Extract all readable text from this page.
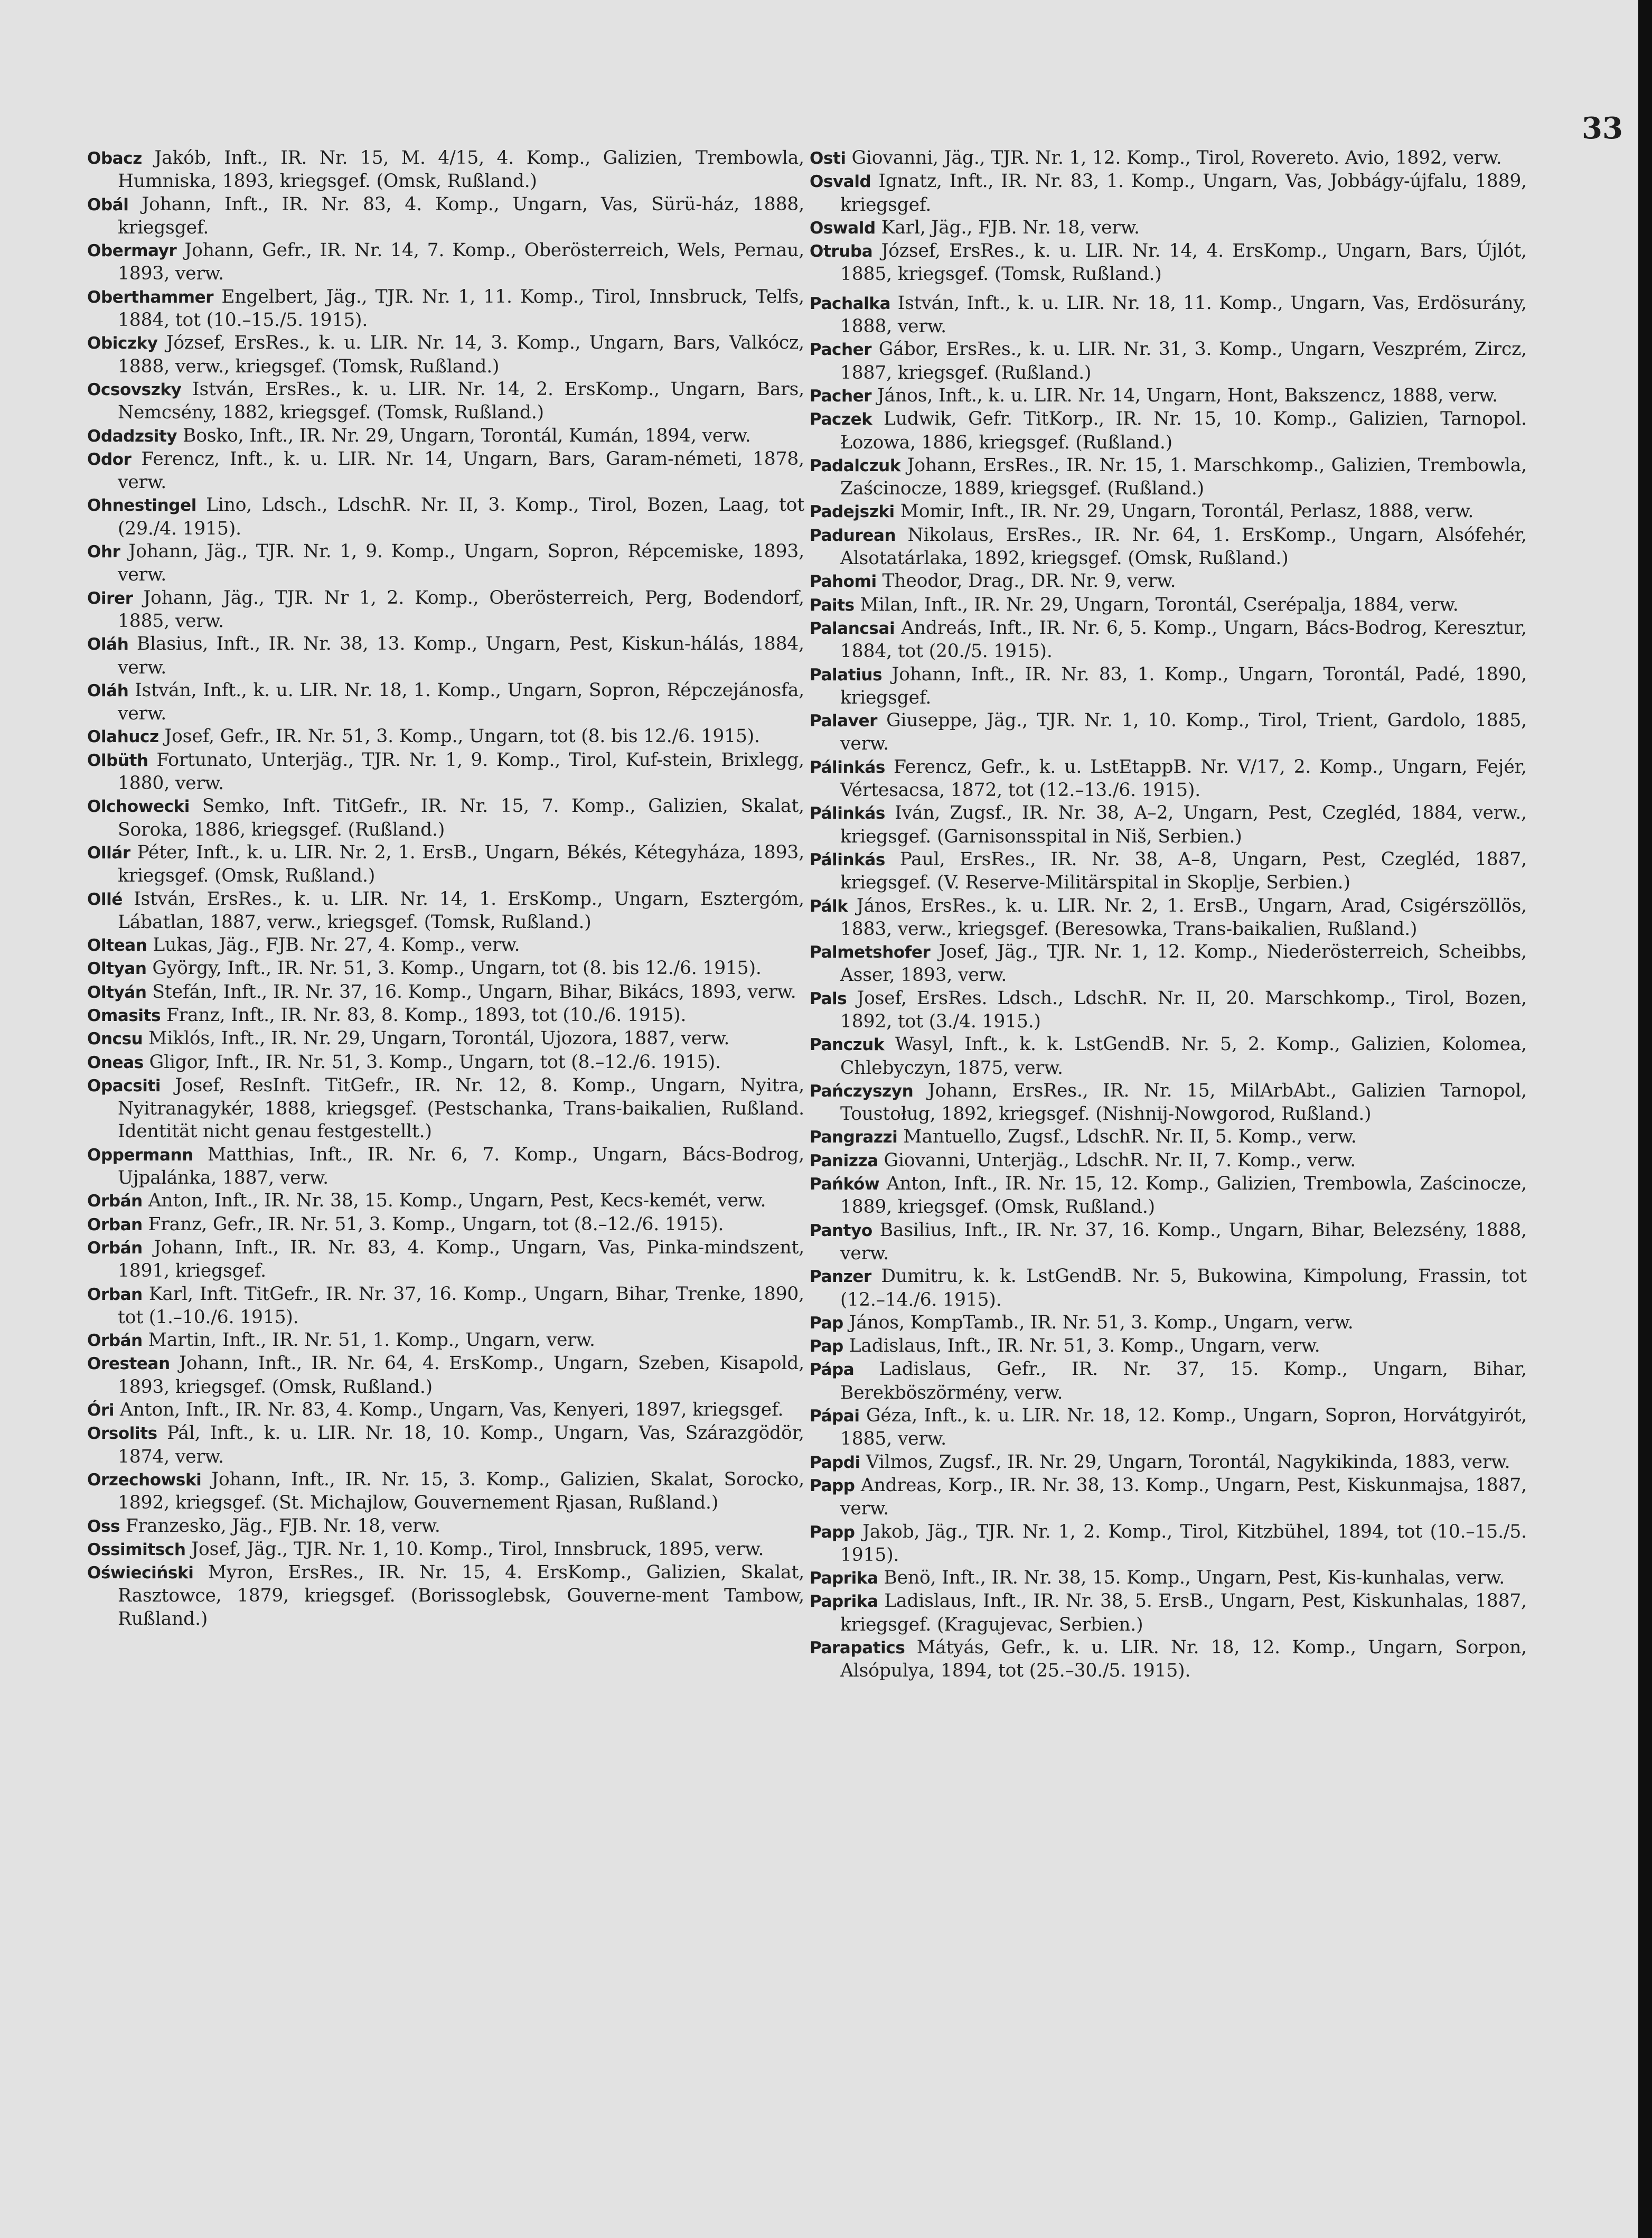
33

Obacz Jakób, Inft., IR. Nr. 15, M. 4/15, 4. Komp., Galizien, Trembowla, Humniska, 1893, kriegsgef. (Omsk, Rußland.)

Obál Johann, Inft., IR. Nr. 83, 4. Komp., Ungarn, Vas, Sürü-ház, 1888, kriegsgef.

Obermayr Johann, Gefr., IR. Nr. 14, 7. Komp., Oberösterreich, Wels, Pernau, 1893, verw.

Oberthammer Engelbert, Jäg., TJR. Nr. 1, 11. Komp., Tirol, Innsbruck, Telfs, 1884, tot (10.–15./5. 1915).

Obiczky József, ErsRes., k. u. LIR. Nr. 14, 3. Komp., Ungarn, Bars, Valkócz, 1888, verw., kriegsgef. (Tomsk, Rußland.)

Ocsovszky István, ErsRes., k. u. LIR. Nr. 14, 2. ErsKomp., Ungarn, Bars, Nemcsény, 1882, kriegsgef. (Tomsk, Rußland.)

Odadzsity Bosko, Inft., IR. Nr. 29, Ungarn, Torontál, Kumán, 1894, verw.

Odor Ferencz, Inft., k. u. LIR. Nr. 14, Ungarn, Bars, Garam-németi, 1878, verw.

Ohnestingel Lino, Ldsch., LdschR. Nr. II, 3. Komp., Tirol, Bozen, Laag, tot (29./4. 1915).

Ohr Johann, Jäg., TJR. Nr. 1, 9. Komp., Ungarn, Sopron, Répcemiske, 1893, verw.

Oirer Johann, Jäg., TJR. Nr 1, 2. Komp., Oberösterreich, Perg, Bodendorf, 1885, verw.

Oláh Blasius, Inft., IR. Nr. 38, 13. Komp., Ungarn, Pest, Kiskun-hálás, 1884, verw.

Oláh István, Inft., k. u. LIR. Nr. 18, 1. Komp., Ungarn, Sopron, Répczejánosfa, verw.

Olahucz Josef, Gefr., IR. Nr. 51, 3. Komp., Ungarn, tot (8. bis 12./6. 1915).

Olbüth Fortunato, Unterjäg., TJR. Nr. 1, 9. Komp., Tirol, Kuf-stein, Brixlegg, 1880, verw.

Olchowecki Semko, Inft. TitGefr., IR. Nr. 15, 7. Komp., Galizien, Skalat, Soroka, 1886, kriegsgef. (Rußland.)

Ollár Péter, Inft., k. u. LIR. Nr. 2, 1. ErsB., Ungarn, Békés, Kétegyháza, 1893, kriegsgef. (Omsk, Rußland.)

Ollé István, ErsRes., k. u. LIR. Nr. 14, 1. ErsKomp., Ungarn, Esztergóm, Lábatlan, 1887, verw., kriegsgef. (Tomsk, Rußland.)

Oltean Lukas, Jäg., FJB. Nr. 27, 4. Komp., verw.

Oltyan György, Inft., IR. Nr. 51, 3. Komp., Ungarn, tot (8. bis 12./6. 1915).

Oltyán Stefán, Inft., IR. Nr. 37, 16. Komp., Ungarn, Bihar, Bikács, 1893, verw.

Omasits Franz, Inft., IR. Nr. 83, 8. Komp., 1893, tot (10./6. 1915).

Oncsu Miklós, Inft., IR. Nr. 29, Ungarn, Torontál, Ujozora, 1887, verw.

Oneas Gligor, Inft., IR. Nr. 51, 3. Komp., Ungarn, tot (8.–12./6. 1915).

Opacsiti Josef, ResInft. TitGefr., IR. Nr. 12, 8. Komp., Ungarn, Nyitra, Nyitranagykér, 1888, kriegsgef. (Pestschanka, Trans-baikalien, Rußland. Identität nicht genau festgestellt.)

Oppermann Matthias, Inft., IR. Nr. 6, 7. Komp., Ungarn, Bács-Bodrog, Ujpalánka, 1887, verw.

Orbán Anton, Inft., IR. Nr. 38, 15. Komp., Ungarn, Pest, Kecs-kemét, verw.

Orban Franz, Gefr., IR. Nr. 51, 3. Komp., Ungarn, tot (8.–12./6. 1915).

Orbán Johann, Inft., IR. Nr. 83, 4. Komp., Ungarn, Vas, Pinka-mindszent, 1891, kriegsgef.

Orban Karl, Inft. TitGefr., IR. Nr. 37, 16. Komp., Ungarn, Bihar, Trenke, 1890, tot (1.–10./6. 1915).

Orbán Martin, Inft., IR. Nr. 51, 1. Komp., Ungarn, verw.

Orestean Johann, Inft., IR. Nr. 64, 4. ErsKomp., Ungarn, Szeben, Kisapold, 1893, kriegsgef. (Omsk, Rußland.)

Óri Anton, Inft., IR. Nr. 83, 4. Komp., Ungarn, Vas, Kenyeri, 1897, kriegsgef.

Orsolits Pál, Inft., k. u. LIR. Nr. 18, 10. Komp., Ungarn, Vas, Szárazgödör, 1874, verw.

Orzechowski Johann, Inft., IR. Nr. 15, 3. Komp., Galizien, Skalat, Sorocko, 1892, kriegsgef. (St. Michajlow, Gouvernement Rjasan, Rußland.)

Oss Franzesko, Jäg., FJB. Nr. 18, verw.

Ossimitsch Josef, Jäg., TJR. Nr. 1, 10. Komp., Tirol, Innsbruck, 1895, verw.

Oświeciński Myron, ErsRes., IR. Nr. 15, 4. ErsKomp., Galizien, Skalat, Rasztowce, 1879, kriegsgef. (Borissoglebsk, Gouverne-ment Tambow, Rußland.)

Osti Giovanni, Jäg., TJR. Nr. 1, 12. Komp., Tirol, Rovereto. Avio, 1892, verw.

Osvald Ignatz, Inft., IR. Nr. 83, 1. Komp., Ungarn, Vas, Jobbágy-újfalu, 1889, kriegsgef.

Oswald Karl, Jäg., FJB. Nr. 18, verw.

Otruba József, ErsRes., k. u. LIR. Nr. 14, 4. ErsKomp., Ungarn, Bars, Újlót, 1885, kriegsgef. (Tomsk, Rußland.)

Pachalka István, Inft., k. u. LIR. Nr. 18, 11. Komp., Ungarn, Vas, Erdösurány, 1888, verw.

Pacher Gábor, ErsRes., k. u. LIR. Nr. 31, 3. Komp., Ungarn, Veszprém, Zircz, 1887, kriegsgef. (Rußland.)

Pacher János, Inft., k. u. LIR. Nr. 14, Ungarn, Hont, Bakszencz, 1888, verw.

Paczek Ludwik, Gefr. TitKorp., IR. Nr. 15, 10. Komp., Galizien, Tarnopol. Łozowa, 1886, kriegsgef. (Rußland.)

Padalczuk Johann, ErsRes., IR. Nr. 15, 1. Marschkomp., Galizien, Trembowla, Zaścinocze, 1889, kriegsgef. (Rußland.)

Padejszki Momir, Inft., IR. Nr. 29, Ungarn, Torontál, Perlasz, 1888, verw.

Padurean Nikolaus, ErsRes., IR. Nr. 64, 1. ErsKomp., Ungarn, Alsófehér, Alsotatárlaka, 1892, kriegsgef. (Omsk, Rußland.)

Pahomi Theodor, Drag., DR. Nr. 9, verw.

Paits Milan, Inft., IR. Nr. 29, Ungarn, Torontál, Cserépalja, 1884, verw.

Palancsai Andreás, Inft., IR. Nr. 6, 5. Komp., Ungarn, Bács-Bodrog, Keresztur, 1884, tot (20./5. 1915).

Palatius Johann, Inft., IR. Nr. 83, 1. Komp., Ungarn, Torontál, Padé, 1890, kriegsgef.

Palaver Giuseppe, Jäg., TJR. Nr. 1, 10. Komp., Tirol, Trient, Gardolo, 1885, verw.

Pálinkás Ferencz, Gefr., k. u. LstEtappB. Nr. V/17, 2. Komp., Ungarn, Fejér, Vértesacsa, 1872, tot (12.–13./6. 1915).

Pálinkás Iván, Zugsf., IR. Nr. 38, A–2, Ungarn, Pest, Czegléd, 1884, verw., kriegsgef. (Garnisonsspital in Niš, Serbien.)

Pálinkás Paul, ErsRes., IR. Nr. 38, A–8, Ungarn, Pest, Czegléd, 1887, kriegsgef. (V. Reserve-Militärspital in Skoplje, Serbien.)

Pálk János, ErsRes., k. u. LIR. Nr. 2, 1. ErsB., Ungarn, Arad, Csigérszöllös, 1883, verw., kriegsgef. (Beresowka, Trans-baikalien, Rußland.)

Palmetshofer Josef, Jäg., TJR. Nr. 1, 12. Komp., Niederösterreich, Scheibbs, Asser, 1893, verw.

Pals Josef, ErsRes. Ldsch., LdschR. Nr. II, 20. Marschkomp., Tirol, Bozen, 1892, tot (3./4. 1915.)

Panczuk Wasyl, Inft., k. k. LstGendB. Nr. 5, 2. Komp., Galizien, Kolomea, Chlebyczyn, 1875, verw.

Pańczyszyn Johann, ErsRes., IR. Nr. 15, MilArbAbt., Galizien Tarnopol, Toustoług, 1892, kriegsgef. (Nishnij-Nowgorod, Rußland.)

Pangrazzi Mantuello, Zugsf., LdschR. Nr. II, 5. Komp., verw.

Panizza Giovanni, Unterjäg., LdschR. Nr. II, 7. Komp., verw.

Pańków Anton, Inft., IR. Nr. 15, 12. Komp., Galizien, Trembowla, Zaścinocze, 1889, kriegsgef. (Omsk, Rußland.)

Pantyo Basilius, Inft., IR. Nr. 37, 16. Komp., Ungarn, Bihar, Belezsény, 1888, verw.

Panzer Dumitru, k. k. LstGendB. Nr. 5, Bukowina, Kimpolung, Frassin, tot (12.–14./6. 1915).

Pap János, KompTamb., IR. Nr. 51, 3. Komp., Ungarn, verw.

Pap Ladislaus, Inft., IR. Nr. 51, 3. Komp., Ungarn, verw.

Pápa Ladislaus, Gefr., IR. Nr. 37, 15. Komp., Ungarn, Bihar, Berekböszörmény, verw.

Pápai Géza, Inft., k. u. LIR. Nr. 18, 12. Komp., Ungarn, Sopron, Horvátgyirót, 1885, verw.

Papdi Vilmos, Zugsf., IR. Nr. 29, Ungarn, Torontál, Nagykikinda, 1883, verw.

Papp Andreas, Korp., IR. Nr. 38, 13. Komp., Ungarn, Pest, Kiskunmajsa, 1887, verw.

Papp Jakob, Jäg., TJR. Nr. 1, 2. Komp., Tirol, Kitzbühel, 1894, tot (10.–15./5. 1915).

Paprika Benö, Inft., IR. Nr. 38, 15. Komp., Ungarn, Pest, Kis-kunhalas, verw.

Paprika Ladislaus, Inft., IR. Nr. 38, 5. ErsB., Ungarn, Pest, Kiskunhalas, 1887, kriegsgef. (Kragujevac, Serbien.)

Parapatics Mátyás, Gefr., k. u. LIR. Nr. 18, 12. Komp., Ungarn, Sorpon, Alsópulya, 1894, tot (25.–30./5. 1915).
